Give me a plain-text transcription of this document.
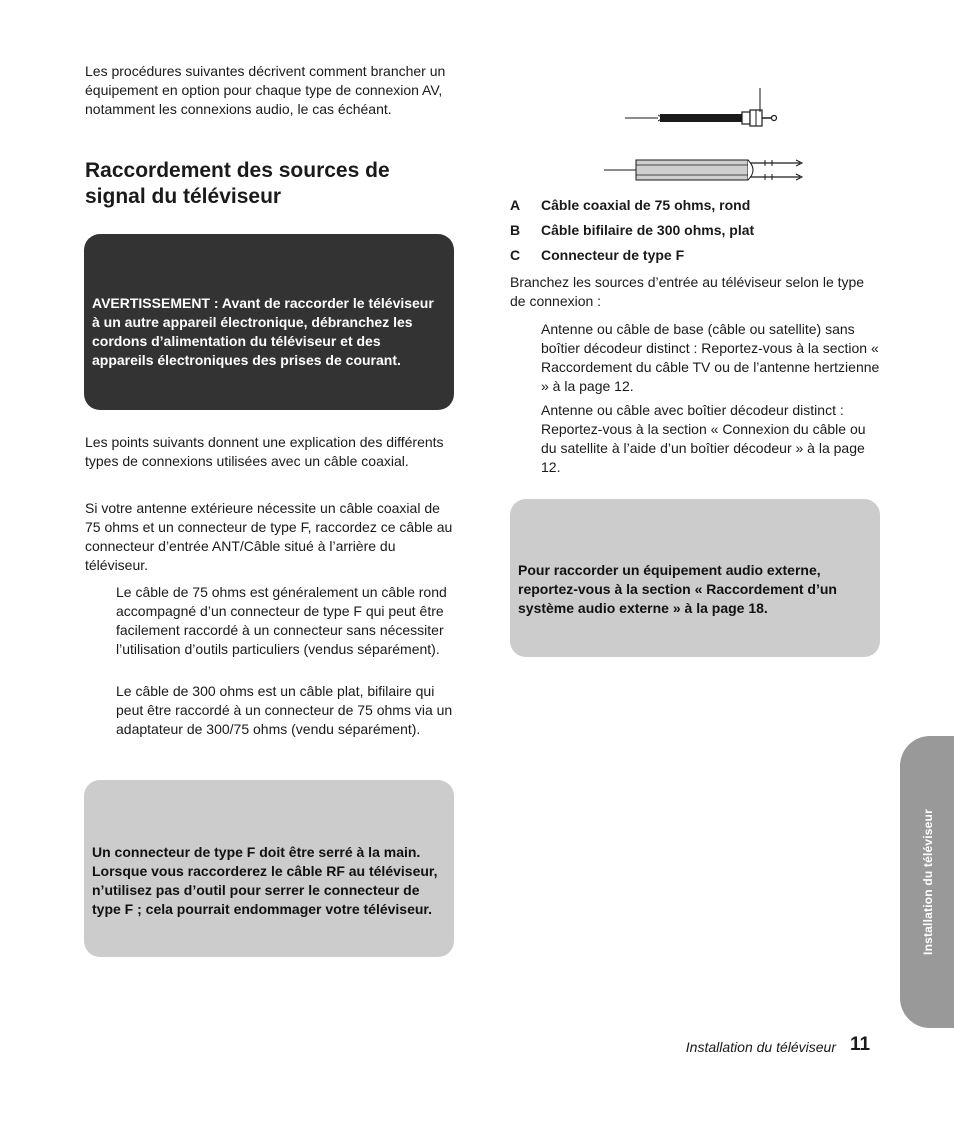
Les procédures suivantes décrivent comment brancher un équipement en option pour chaque type de connexion AV, notamment les connexions audio, le cas échéant.

Raccordement des sources de signal du téléviseur

AVERTISSEMENT : Avant de raccorder le téléviseur à un autre appareil électronique, débranchez les cordons d’alimentation du téléviseur et des appareils électroniques des prises de courant.

Les points suivants donnent une explication des différents types de connexions utilisées avec un câble coaxial.

Si votre antenne extérieure nécessite un câble coaxial de 75 ohms et un connecteur de type F, raccordez ce câble au connecteur d’entrée ANT/Câble situé à l’arrière du téléviseur.

Le câble de 75 ohms est généralement un câble rond accompagné d’un connecteur de type F qui peut être facilement raccordé à un connecteur sans nécessiter l’utilisation d’outils particuliers (vendus séparément).

Le câble de 300 ohms est un câble plat, bifilaire qui peut être raccordé à un connecteur de 75 ohms via un adaptateur de 300/75 ohms (vendu séparément).

Un connecteur de type F doit être serré à la main. Lorsque vous raccorderez le câble RF au téléviseur, n’utilisez pas d’outil pour serrer le connecteur de type F ; cela pourrait endommager votre téléviseur.

A Câble coaxial de 75 ohms, rond
B Câble bifilaire de 300 ohms, plat
C Connecteur de type F

Branchez les sources d’entrée au téléviseur selon le type de connexion :

Antenne ou câble de base (câble ou satellite) sans boîtier décodeur distinct : Reportez-vous à la section « Raccordement du câble TV ou de l’antenne hertzienne » à la page 12.

Antenne ou câble avec boîtier décodeur distinct : Reportez-vous à la section « Connexion du câble ou du satellite à l’aide d’un boîtier décodeur » à la page 12.

Pour raccorder un équipement audio externe, reportez-vous à la section « Raccordement d’un système audio externe » à la page 18.

Installation du téléviseur
Installation du téléviseur 11
